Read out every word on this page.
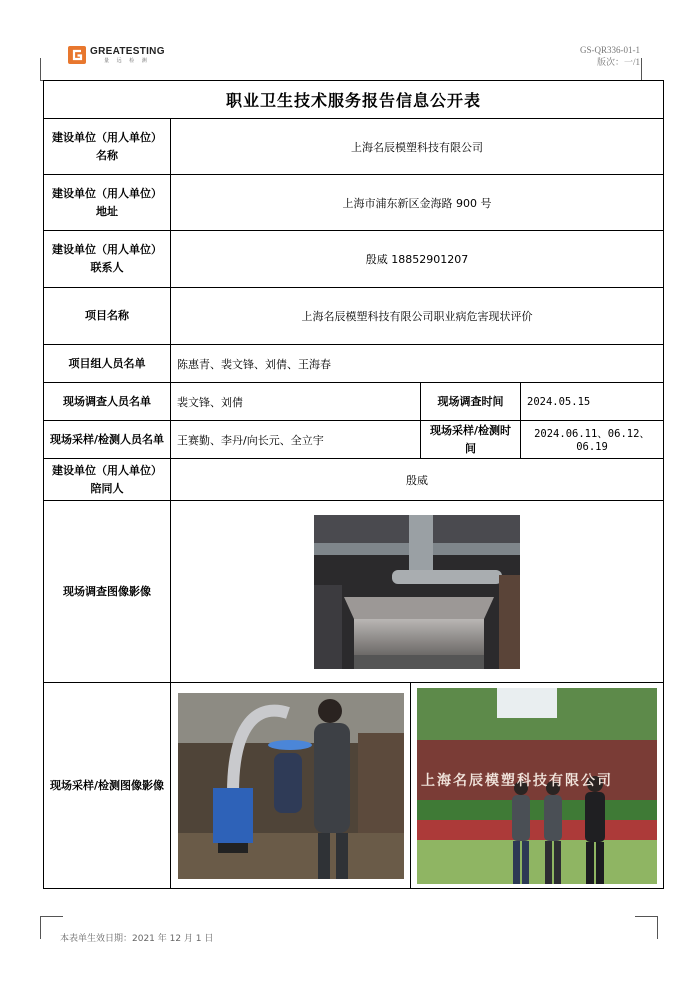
GREATESTING
量 远 检 测
GS-QR336-01-1
版次：一/1
职业卫生技术服务报告信息公开表			
建设单位（用人单位）名称	上海名辰模塑科技有限公司		
建设单位（用人单位）地址	上海市浦东新区金海路 900 号		
建设单位（用人单位）联系人	殷威 18852901207		
项目名称	上海名辰模塑科技有限公司职业病危害现状评价		
项目组人员名单	陈惠青、裴文锋、刘倩、王海春		
现场调查人员名单	裴文锋、刘倩	现场调查时间	2024.05.15
现场采样/检测人员名单	王赛勤、李丹/向长元、全立宇	现场采样/检测时间	2024.06.11、06.12、06.19
建设单位（用人单位）陪同人	殷威		
现场调查图像影像	
现场采样/检测图像影像	上海名辰模塑科技有限公司		
本表单生效日期：2021 年 12 月 1 日
